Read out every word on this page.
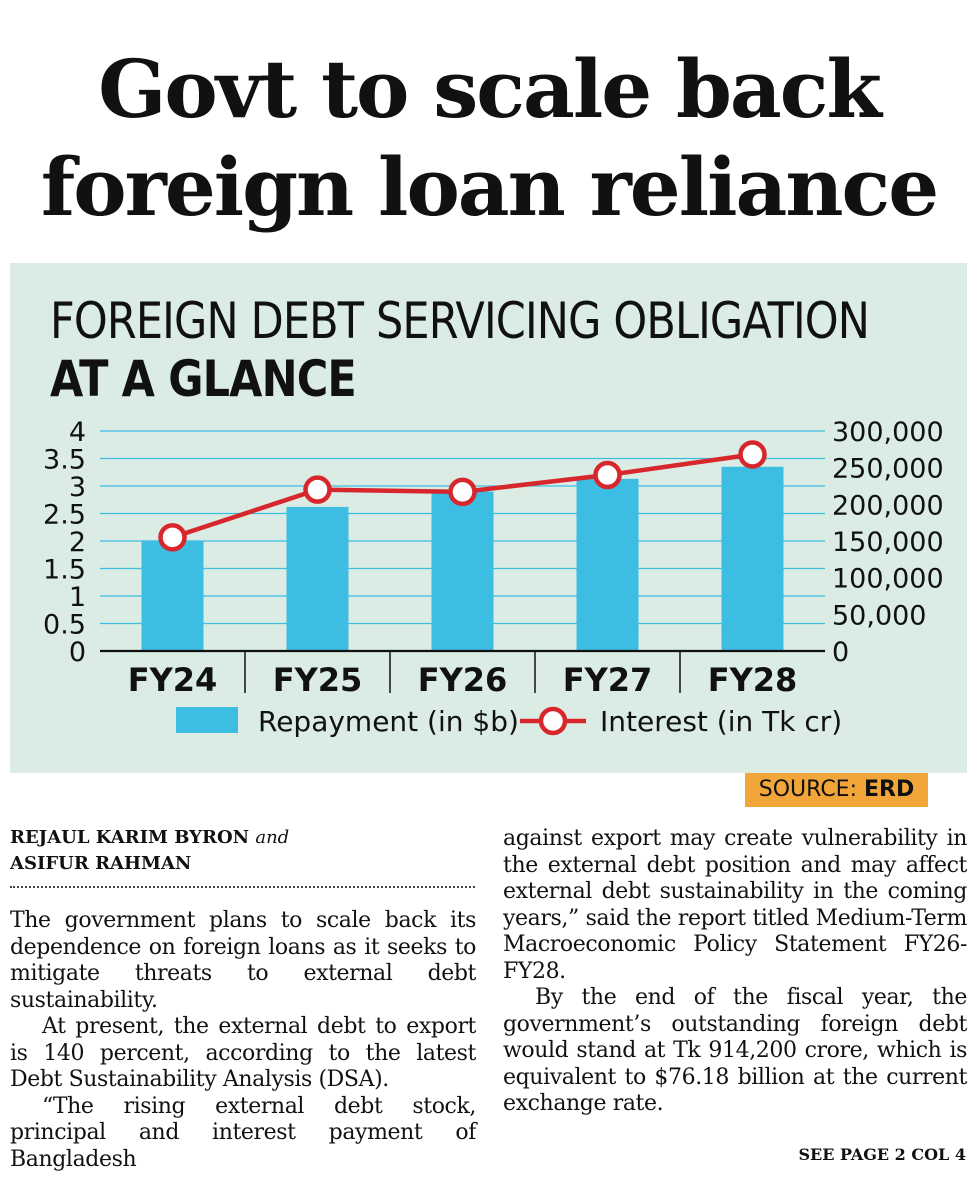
Govt to scale back
foreign loan reliance
FOREIGN DEBT SERVICING OBLIGATION
AT A GLANCE
0
0.5
1
1.5
2
2.5
3
3.5
4
0
50,000
100,000
150,000
200,000
250,000
300,000
FY24 FY25 FY26 FY27 FY28
Repayment (in $b)	Interest (in Tk cr)
SOURCE: ERD
REJAUL KARIM BYRON and
ASIFUR RAHMAN

The government plans to scale back its dependence on foreign loans as it seeks to mitigate threats to external debt sustainability.

At present, the external debt to export is 140 percent, according to the latest Debt Sustainability Analysis (DSA).

“The rising external debt stock, principal and interest payment of Bangladesh

against export may create vulnerability in the external debt position and may affect external debt sustainability in the coming years,” said the report titled Medium-Term Macroeconomic Policy Statement FY26-FY28.

By the end of the fiscal year, the government’s outstanding foreign debt would stand at Tk 914,200 crore, which is equivalent to $76.18 billion at the current exchange rate.

SEE PAGE 2 COL 4
